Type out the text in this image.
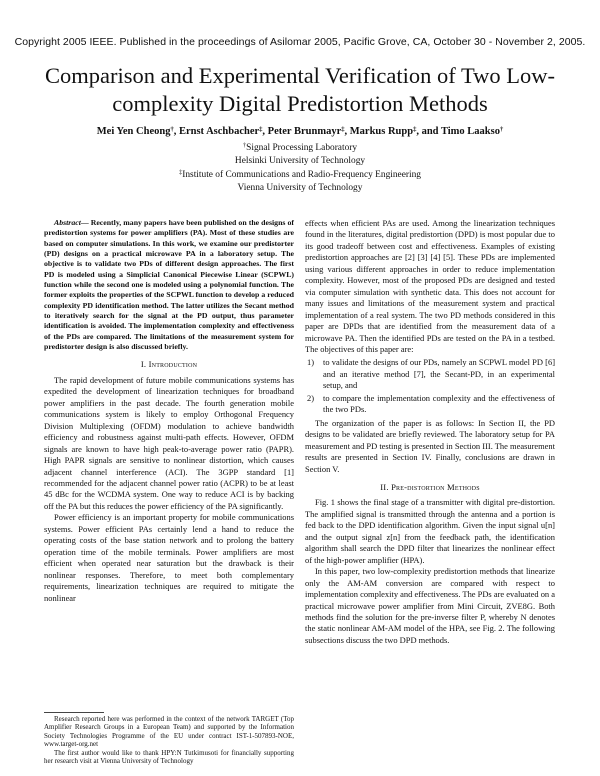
Copyright 2005 IEEE. Published in the proceedings of Asilomar 2005, Pacific Grove, CA, October 30 - November 2, 2005.
Comparison and Experimental Verification of Two Low-complexity Digital Predistortion Methods
Mei Yen Cheong†, Ernst Aschbacher‡, Peter Brunmayr‡, Markus Rupp‡, and Timo Laakso†
†Signal Processing Laboratory
Helsinki University of Technology
‡Institute of Communications and Radio-Frequency Engineering
Vienna University of Technology

Abstract— Recently, many papers have been published on the designs of predistortion systems for power amplifiers (PA). Most of these studies are based on computer simulations. In this work, we examine our predistorter (PD) designs on a practical microwave PA in a laboratory setup. The objective is to validate two PDs of different design approaches. The first PD is modeled using a Simplicial Canonical Piecewise Linear (SCPWL) function while the second one is modeled using a polynomial function. The former exploits the properties of the SCPWL function to develop a reduced complexity PD identification method. The latter utilizes the Secant method to iteratively search for the signal at the PD output, thus parameter identification is avoided. The implementation complexity and effectiveness of the PDs are compared. The limitations of the measurement system for predistorter design is also discussed briefly.

I. Introduction

The rapid development of future mobile communications systems has expedited the development of linearization techniques for broadband power amplifiers in the past decade. The fourth generation mobile communications system is likely to employ Orthogonal Frequency Division Multiplexing (OFDM) modulation to achieve bandwidth efficiency and robustness against multi-path effects. However, OFDM signals are known to have high peak-to-average power ratio (PAPR). High PAPR signals are sensitive to nonlinear distortion, which causes adjacent channel interference (ACI). The 3GPP standard [1] recommended for the adjacent channel power ratio (ACPR) to be at least 45 dBc for the WCDMA system. One way to reduce ACI is by backing off the PA but this reduces the power efficiency of the PA significantly.

Power efficiency is an important property for mobile communications systems. Power efficient PAs certainly lend a hand to reduce the operating costs of the base station network and to prolong the battery operation time of the mobile terminals. Power amplifiers are most efficient when operated near saturation but the drawback is their nonlinear responses. Therefore, to meet both complementary requirements, linearization techniques are required to mitigate the nonlinear

effects when efficient PAs are used. Among the linearization techniques found in the literatures, digital predistortion (DPD) is most popular due to its good tradeoff between cost and effectiveness. Examples of existing predistortion approaches are [2] [3] [4] [5]. These PDs are implemented using various different approaches in order to reduce implementation complexity. However, most of the proposed PDs are designed and tested via computer simulation with synthetic data. This does not account for many issues and limitations of the measurement system and practical implementation of a real system. The two PD methods considered in this paper are DPDs that are identified from the measurement data of a microwave PA. Then the identified PDs are tested on the PA in a testbed. The objectives of this paper are:

1) to validate the designs of our PDs, namely an SCPWL model PD [6] and an iterative method [7], the Secant-PD, in an experimental setup, and
2) to compare the implementation complexity and the effectiveness of the two PDs.

The organization of the paper is as follows: In Section II, the PD designs to be validated are briefly reviewed. The laboratory setup for PA measurement and PD testing is presented in Section III. The measurement results are presented in Section IV. Finally, conclusions are drawn in Section V.

II. Pre-distortion Methods

Fig. 1 shows the final stage of a transmitter with digital pre-distortion. The amplified signal is transmitted through the antenna and a portion is fed back to the DPD identification algorithm. Given the input signal u[n] and the output signal z[n] from the feedback path, the identification algorithm shall search the DPD filter that linearizes the nonlinear effect of the high-power amplifier (HPA).

In this paper, two low-complexity predistortion methods that linearize only the AM-AM conversion are compared with respect to implementation complexity and effectiveness. The PDs are evaluated on a practical microwave power amplifier from Mini Circuit, ZVE8G. Both methods find the solution for the pre-inverse filter P, whereby N denotes the static nonlinear AM-AM model of the HPA, see Fig. 2. The following subsections discuss the two DPD methods.

Research reported here was performed in the context of the network TARGET (Top Amplifier Research Groups in a European Team) and supported by the Information Society Technologies Programme of the EU under contract IST-1-507893-NOE, www.target-org.net

The first author would like to thank HPY:N Tutkimusoti for financially supporting her research visit at Vienna University of Technology
